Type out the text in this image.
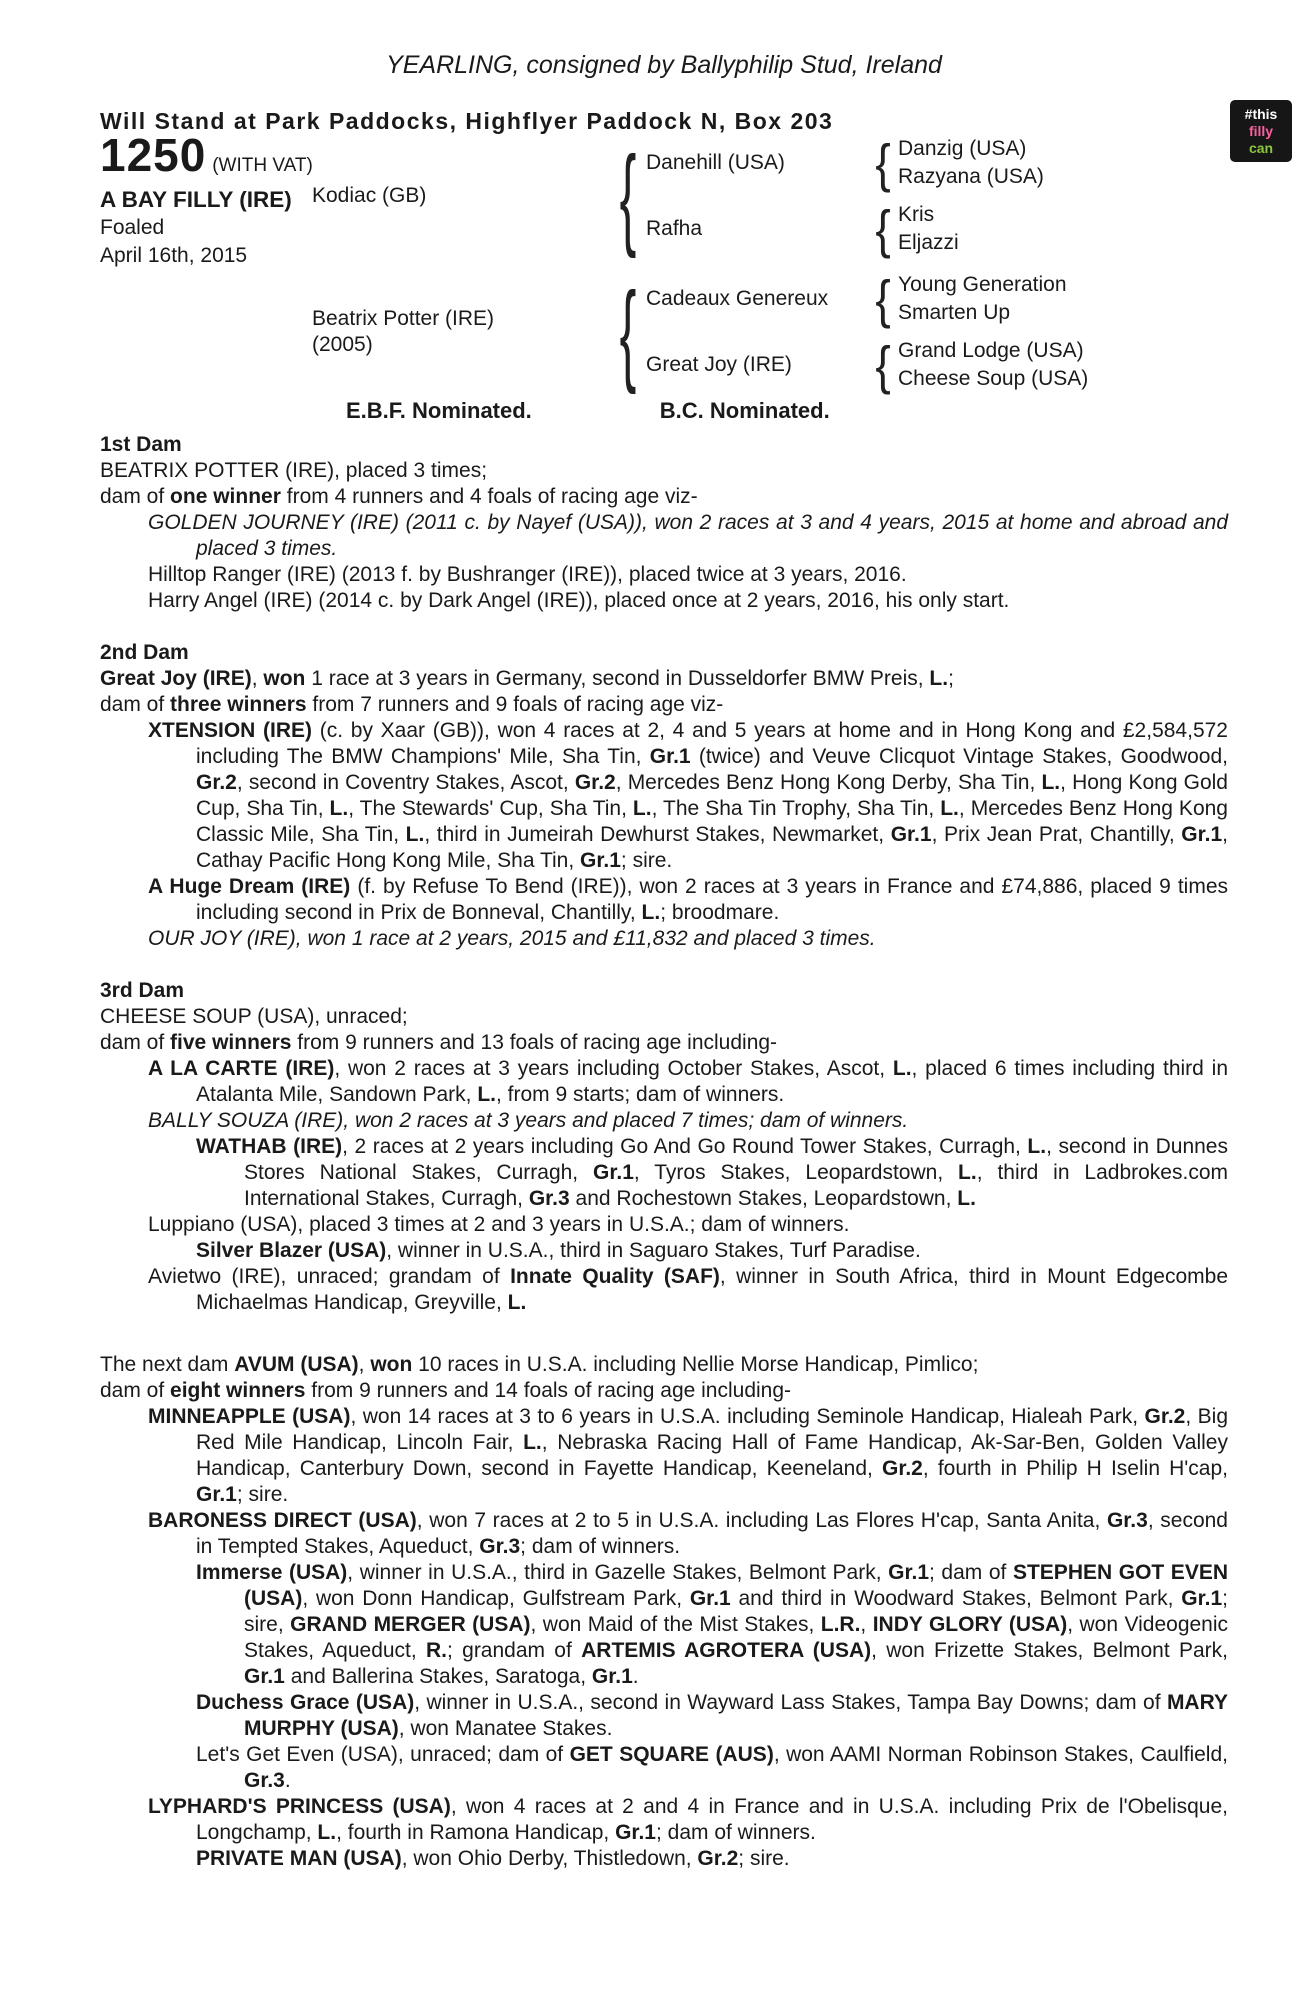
YEARLING, consigned by Ballyphilip Stud, Ireland
Will Stand at Park Paddocks, Highflyer Paddock N, Box 203	#this
filly
can
1250 (WITH VAT)
A BAY FILLY (IRE)
Foaled
April 16th, 2015
Kodiac (GB)
{
Danehill (USA)
{
Danzig (USA)
Razyana (USA)
Rafha
{
Kris
Eljazzi
Beatrix Potter (IRE)
(2005)
{
Cadeaux Genereux
{
Young Generation
Smarten Up
Great Joy (IRE)
{
Grand Lodge (USA)
Cheese Soup (USA)
E.B.F. Nominated.	B.C. Nominated.
1st Dam
BEATRIX POTTER (IRE), placed 3 times;
dam of one winner from 4 runners and 4 foals of racing age viz-
GOLDEN JOURNEY (IRE) (2011 c. by Nayef (USA)), won 2 races at 3 and 4 years, 2015 at home and abroad and placed 3 times.
Hilltop Ranger (IRE) (2013 f. by Bushranger (IRE)), placed twice at 3 years, 2016.
Harry Angel (IRE) (2014 c. by Dark Angel (IRE)), placed once at 2 years, 2016, his only start.
2nd Dam
Great Joy (IRE), won 1 race at 3 years in Germany, second in Dusseldorfer BMW Preis, L.;
dam of three winners from 7 runners and 9 foals of racing age viz-
XTENSION (IRE) (c. by Xaar (GB)), won 4 races at 2, 4 and 5 years at home and in Hong Kong and £2,584,572 including The BMW Champions' Mile, Sha Tin, Gr.1 (twice) and Veuve Clicquot Vintage Stakes, Goodwood, Gr.2, second in Coventry Stakes, Ascot, Gr.2, Mercedes Benz Hong Kong Derby, Sha Tin, L., Hong Kong Gold Cup, Sha Tin, L., The Stewards' Cup, Sha Tin, L., The Sha Tin Trophy, Sha Tin, L., Mercedes Benz Hong Kong Classic Mile, Sha Tin, L., third in Jumeirah Dewhurst Stakes, Newmarket, Gr.1, Prix Jean Prat, Chantilly, Gr.1, Cathay Pacific Hong Kong Mile, Sha Tin, Gr.1; sire.
A Huge Dream (IRE) (f. by Refuse To Bend (IRE)), won 2 races at 3 years in France and £74,886, placed 9 times including second in Prix de Bonneval, Chantilly, L.; broodmare.
OUR JOY (IRE), won 1 race at 2 years, 2015 and £11,832 and placed 3 times.
3rd Dam
CHEESE SOUP (USA), unraced;
dam of five winners from 9 runners and 13 foals of racing age including-
A LA CARTE (IRE), won 2 races at 3 years including October Stakes, Ascot, L., placed 6 times including third in Atalanta Mile, Sandown Park, L., from 9 starts; dam of winners.
BALLY SOUZA (IRE), won 2 races at 3 years and placed 7 times; dam of winners.
WATHAB (IRE), 2 races at 2 years including Go And Go Round Tower Stakes, Curragh, L., second in Dunnes Stores National Stakes, Curragh, Gr.1, Tyros Stakes, Leopardstown, L., third in Ladbrokes.com International Stakes, Curragh, Gr.3 and Rochestown Stakes, Leopardstown, L.
Luppiano (USA), placed 3 times at 2 and 3 years in U.S.A.; dam of winners.
Silver Blazer (USA), winner in U.S.A., third in Saguaro Stakes, Turf Paradise.
Avietwo (IRE), unraced; grandam of Innate Quality (SAF), winner in South Africa, third in Mount Edgecombe Michaelmas Handicap, Greyville, L.
The next dam AVUM (USA), won 10 races in U.S.A. including Nellie Morse Handicap, Pimlico;
dam of eight winners from 9 runners and 14 foals of racing age including-
MINNEAPPLE (USA), won 14 races at 3 to 6 years in U.S.A. including Seminole Handicap, Hialeah Park, Gr.2, Big Red Mile Handicap, Lincoln Fair, L., Nebraska Racing Hall of Fame Handicap, Ak-Sar-Ben, Golden Valley Handicap, Canterbury Down, second in Fayette Handicap, Keeneland, Gr.2, fourth in Philip H Iselin H'cap, Gr.1; sire.
BARONESS DIRECT (USA), won 7 races at 2 to 5 in U.S.A. including Las Flores H'cap, Santa Anita, Gr.3, second in Tempted Stakes, Aqueduct, Gr.3; dam of winners.
Immerse (USA), winner in U.S.A., third in Gazelle Stakes, Belmont Park, Gr.1; dam of STEPHEN GOT EVEN (USA), won Donn Handicap, Gulfstream Park, Gr.1 and third in Woodward Stakes, Belmont Park, Gr.1; sire, GRAND MERGER (USA), won Maid of the Mist Stakes, L.R., INDY GLORY (USA), won Videogenic Stakes, Aqueduct, R.; grandam of ARTEMIS AGROTERA (USA), won Frizette Stakes, Belmont Park, Gr.1 and Ballerina Stakes, Saratoga, Gr.1.
Duchess Grace (USA), winner in U.S.A., second in Wayward Lass Stakes, Tampa Bay Downs; dam of MARY MURPHY (USA), won Manatee Stakes.
Let's Get Even (USA), unraced; dam of GET SQUARE (AUS), won AAMI Norman Robinson Stakes, Caulfield, Gr.3.
LYPHARD'S PRINCESS (USA), won 4 races at 2 and 4 in France and in U.S.A. including Prix de l'Obelisque, Longchamp, L., fourth in Ramona Handicap, Gr.1; dam of winners.
PRIVATE MAN (USA), won Ohio Derby, Thistledown, Gr.2; sire.
